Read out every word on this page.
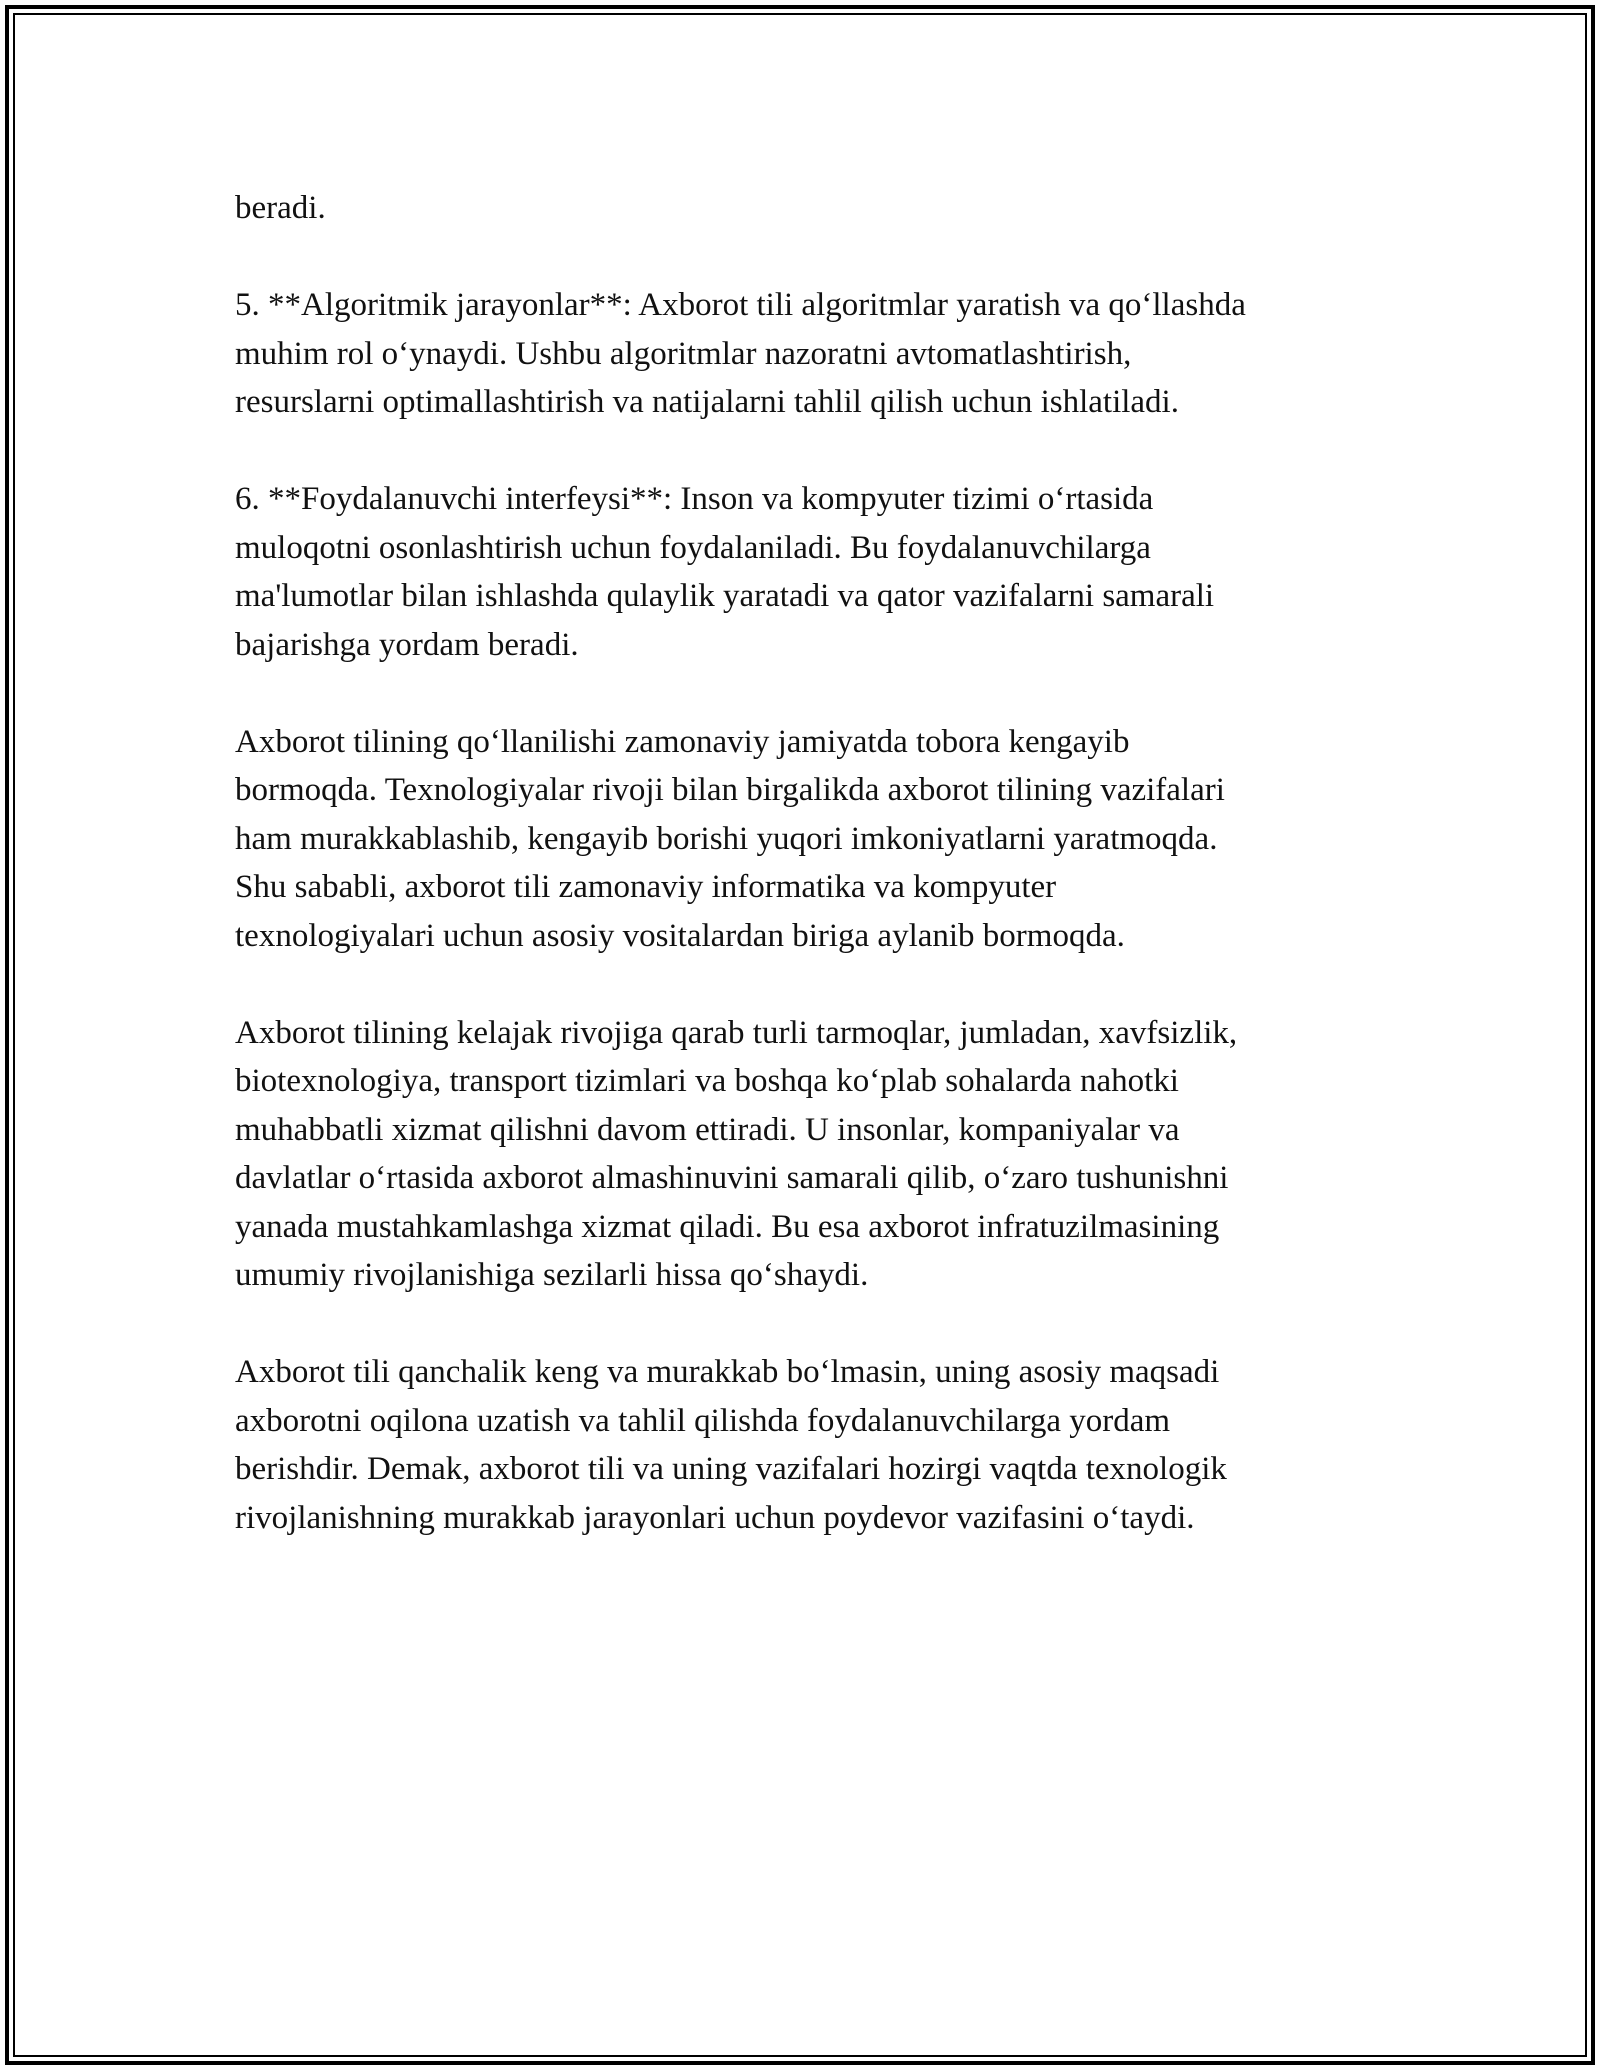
beradi.

5. **Algoritmik jarayonlar**: Axborot tili algoritmlar yaratish va qo‘llashda
muhim rol o‘ynaydi. Ushbu algoritmlar nazoratni avtomatlashtirish,
resurslarni optimallashtirish va natijalarni tahlil qilish uchun ishlatiladi.

6. **Foydalanuvchi interfeysi**: Inson va kompyuter tizimi o‘rtasida
muloqotni osonlashtirish uchun foydalaniladi. Bu foydalanuvchilarga
ma'lumotlar bilan ishlashda qulaylik yaratadi va qator vazifalarni samarali
bajarishga yordam beradi.

Axborot tilining qo‘llanilishi zamonaviy jamiyatda tobora kengayib
bormoqda. Texnologiyalar rivoji bilan birgalikda axborot tilining vazifalari
ham murakkablashib, kengayib borishi yuqori imkoniyatlarni yaratmoqda.
Shu sababli, axborot tili zamonaviy informatika va kompyuter
texnologiyalari uchun asosiy vositalardan biriga aylanib bormoqda.

Axborot tilining kelajak rivojiga qarab turli tarmoqlar, jumladan, xavfsizlik,
biotexnologiya, transport tizimlari va boshqa ko‘plab sohalarda nahotki
muhabbatli xizmat qilishni davom ettiradi. U insonlar, kompaniyalar va
davlatlar o‘rtasida axborot almashinuvini samarali qilib, o‘zaro tushunishni
yanada mustahkamlashga xizmat qiladi. Bu esa axborot infratuzilmasining
umumiy rivojlanishiga sezilarli hissa qo‘shaydi.

Axborot tili qanchalik keng va murakkab bo‘lmasin, uning asosiy maqsadi
axborotni oqilona uzatish va tahlil qilishda foydalanuvchilarga yordam
berishdir. Demak, axborot tili va uning vazifalari hozirgi vaqtda texnologik
rivojlanishning murakkab jarayonlari uchun poydevor vazifasini o‘taydi.
